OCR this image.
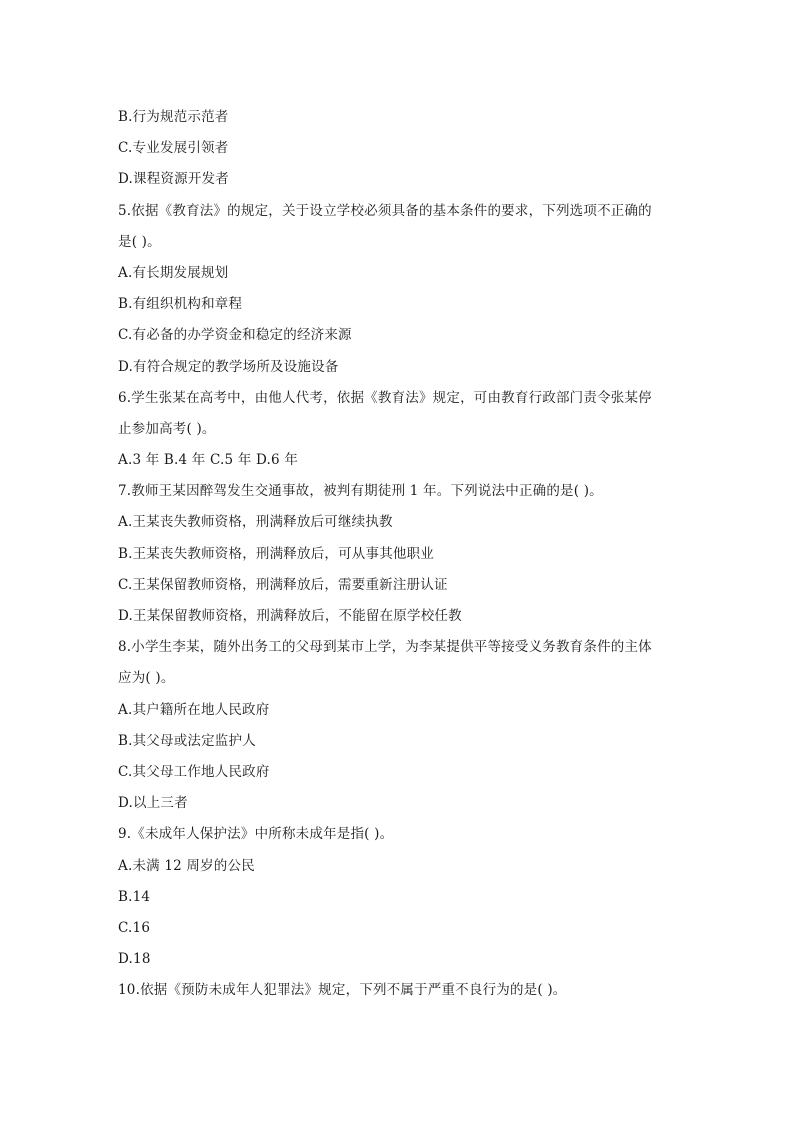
B.行为规范示范者
C.专业发展引领者
D.课程资源开发者
5.依据《教育法》的规定，关于设立学校必须具备的基本条件的要求，下列选项不正确的
是( )。
A.有长期发展规划
B.有组织机构和章程
C.有必备的办学资金和稳定的经济来源
D.有符合规定的教学场所及设施设备
6.学生张某在高考中，由他人代考，依据《教育法》规定，可由教育行政部门责令张某停
止参加高考( )。
A.3 年 B.4 年 C.5 年 D.6 年
7.教师王某因醉驾发生交通事故，被判有期徒刑 1 年。下列说法中正确的是( )。
A.王某丧失教师资格，刑满释放后可继续执教
B.王某丧失教师资格，刑满释放后，可从事其他职业
C.王某保留教师资格，刑满释放后，需要重新注册认证
D.王某保留教师资格，刑满释放后，不能留在原学校任教
8.小学生李某，随外出务工的父母到某市上学，为李某提供平等接受义务教育条件的主体
应为( )。
A.其户籍所在地人民政府
B.其父母或法定监护人
C.其父母工作地人民政府
D.以上三者
9.《未成年人保护法》中所称未成年是指( )。
A.未满 12 周岁的公民
B.14
C.16
D.18
10.依据《预防未成年人犯罪法》规定，下列不属于严重不良行为的是( )。
